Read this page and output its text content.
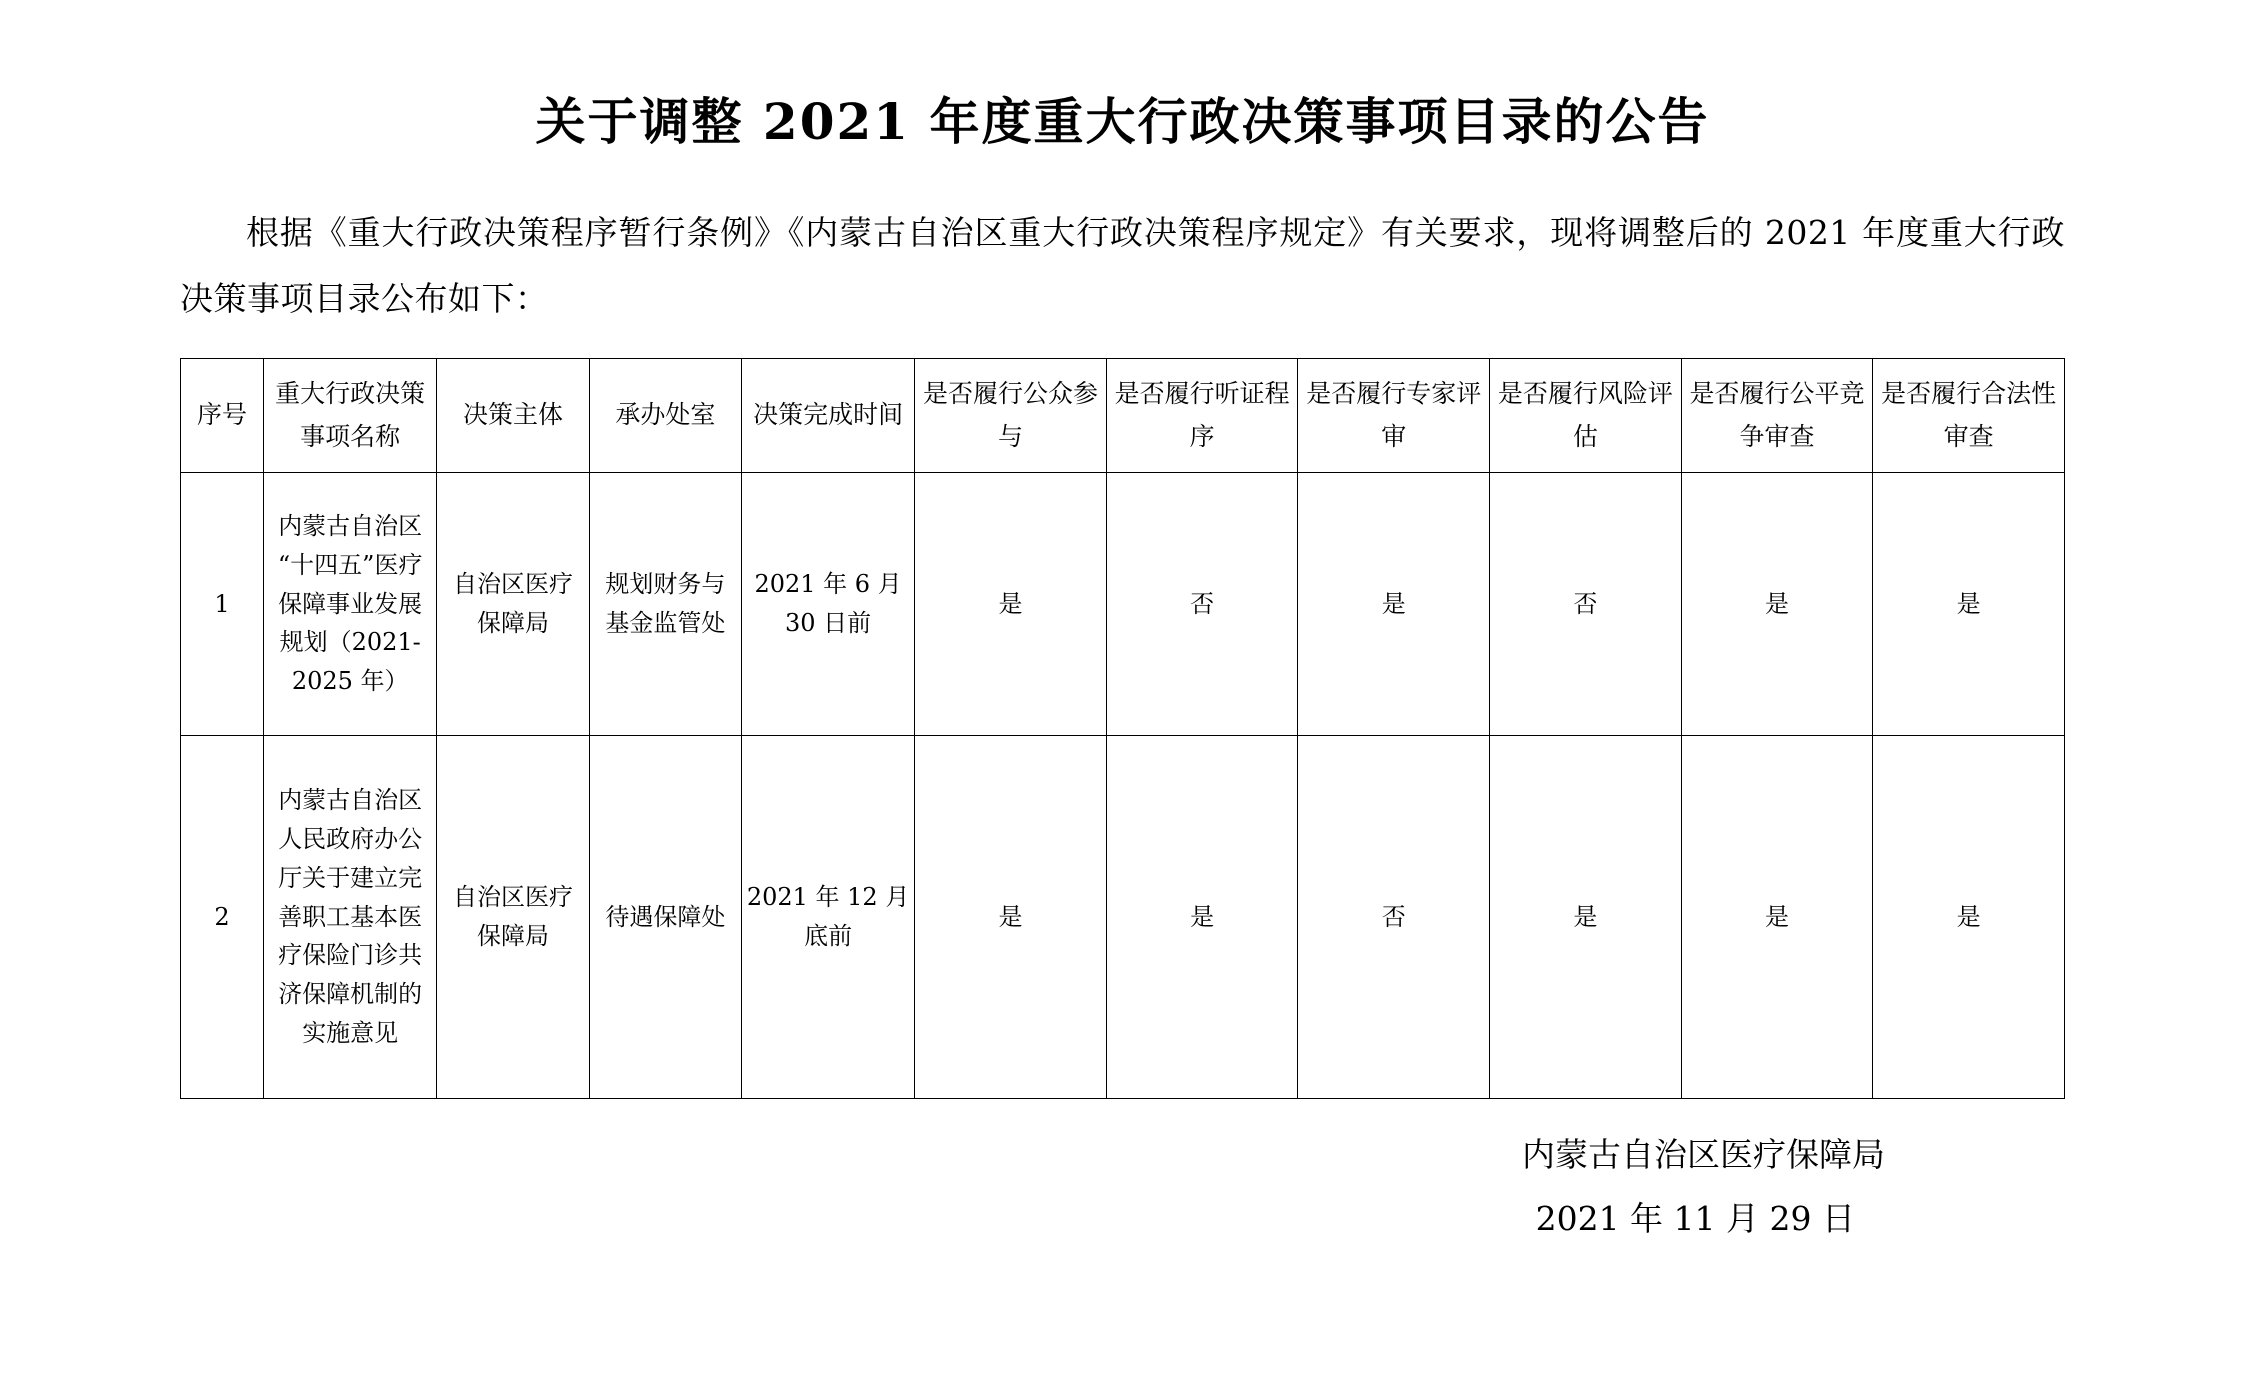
关于调整 2021 年度重大行政决策事项目录的公告

根据《重大行政决策程序暂行条例》《内蒙古自治区重大行政决策程序规定》有关要求，现将调整后的 2021 年度重大行政决策事项目录公布如下：

序号	重大行政决策事项名称	决策主体	承办处室	决策完成时间	是否履行公众参与	是否履行听证程序	是否履行专家评审	是否履行风险评估	是否履行公平竞争审查	是否履行合法性审查
1	内蒙古自治区“十四五”医疗保障事业发展规划（2021-2025 年）	自治区医疗保障局	规划财务与基金监管处	2021 年 6 月 30 日前	是	否	是	否	是	是
2	内蒙古自治区人民政府办公厅关于建立完善职工基本医疗保险门诊共济保障机制的实施意见	自治区医疗保障局	待遇保障处	2021 年 12 月底前	是	是	否	是	是	是
内蒙古自治区医疗保障局
2021 年 11 月 29 日
